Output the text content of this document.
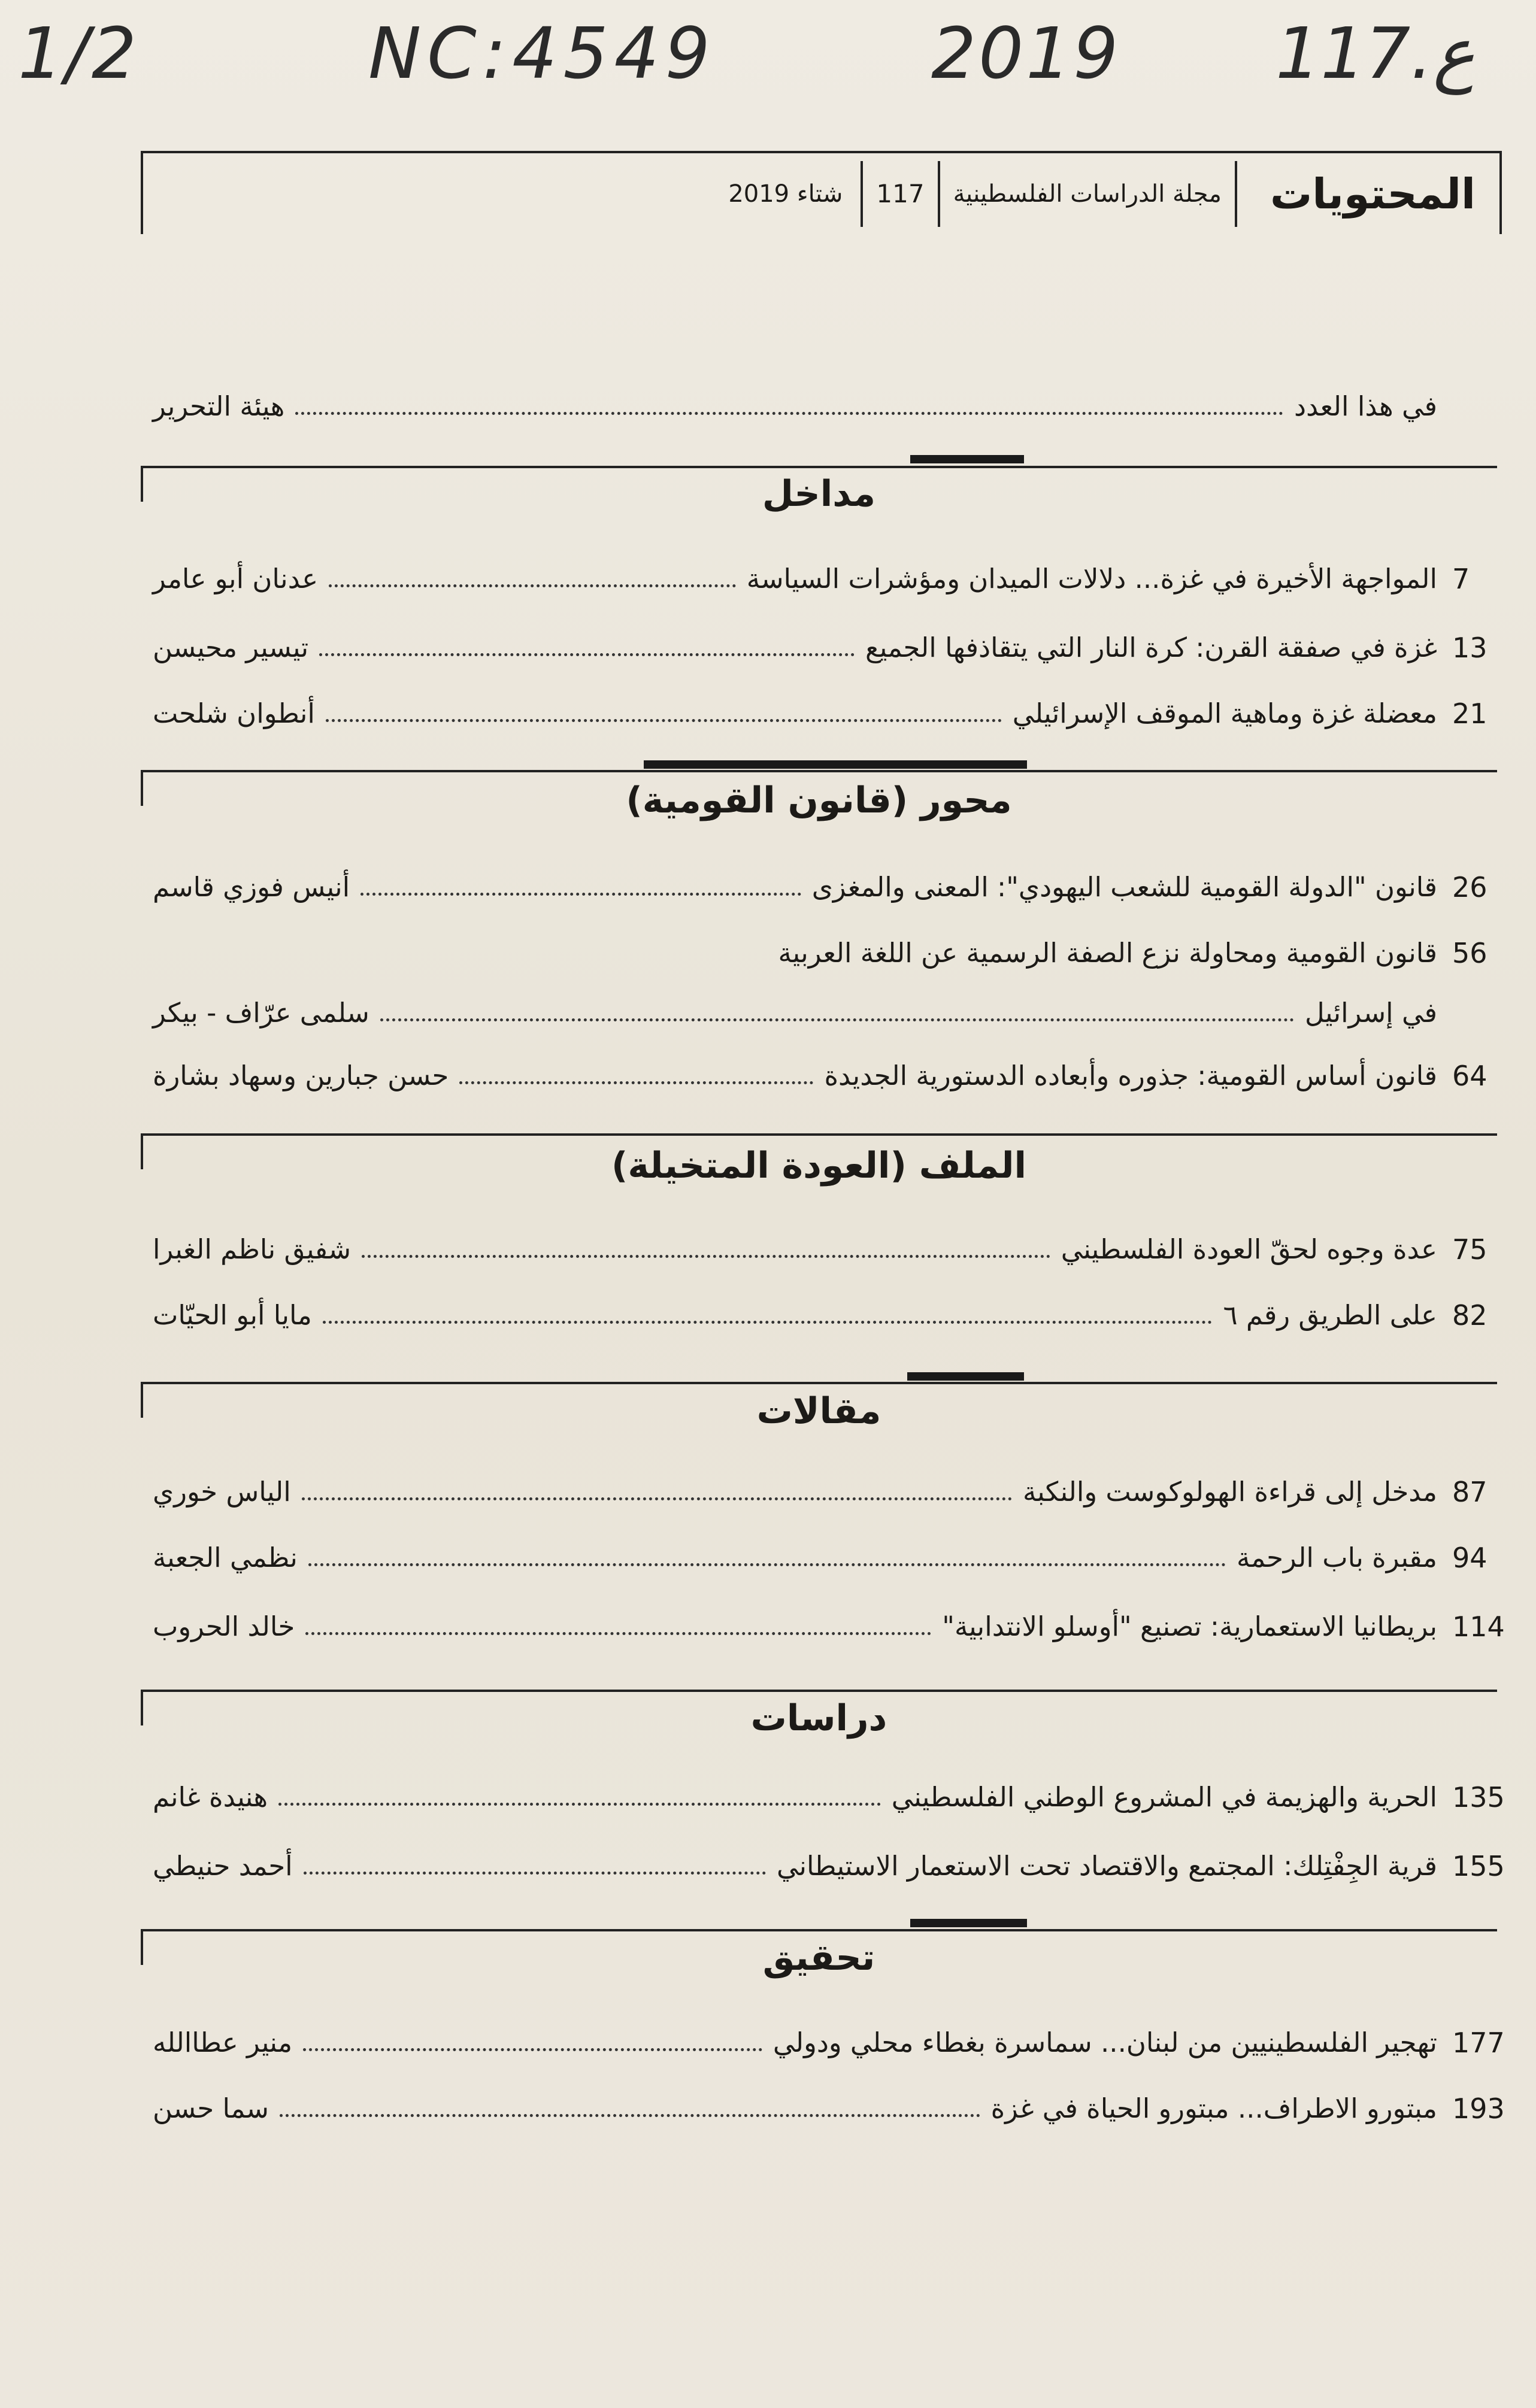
1/2	NC:4549	2019 ع.117
المحتويات
مجلة الدراسات الفلسطينية
117
شتاء 2019
في هذا العدد
هيئة التحرير
مداخل
7
المواجهة الأخيرة في غزة... دلالات الميدان ومؤشرات السياسة
عدنان أبو عامر
13
غزة في صفقة القرن: كرة النار التي يتقاذفها الجميع
تيسير محيسن
21
معضلة غزة وماهية الموقف الإسرائيلي
أنطوان شلحت
محور (قانون القومية)
26
قانون "الدولة القومية للشعب اليهودي": المعنى والمغزى
أنيس فوزي قاسم
56
قانون القومية ومحاولة نزع الصفة الرسمية عن اللغة العربية
في إسرائيل
سلمى عرّاف - بيكر
64
قانون أساس القومية: جذوره وأبعاده الدستورية الجديدة
حسن جبارين وسهاد بشارة
الملف (العودة المتخيلة)
75
عدة وجوه لحقّ العودة الفلسطيني
شفيق ناظم الغبرا
82
على الطريق رقم ٦
مايا أبو الحيّات
مقالات
87
مدخل إلى قراءة الهولوكوست والنكبة
الياس خوري
94
مقبرة باب الرحمة
نظمي الجعبة
114
بريطانيا الاستعمارية: تصنيع "أوسلو الانتدابية"
خالد الحروب
دراسات
135
الحرية والهزيمة في المشروع الوطني الفلسطيني
هنيدة غانم
155
قرية الجِفْتِلك: المجتمع والاقتصاد تحت الاستعمار الاستيطاني
أحمد حنيطي
تحقيق
177
تهجير الفلسطينيين من لبنان... سماسرة بغطاء محلي ودولي
منير عطاالله
193
مبتورو الاطراف... مبتورو الحياة في غزة
سما حسن
